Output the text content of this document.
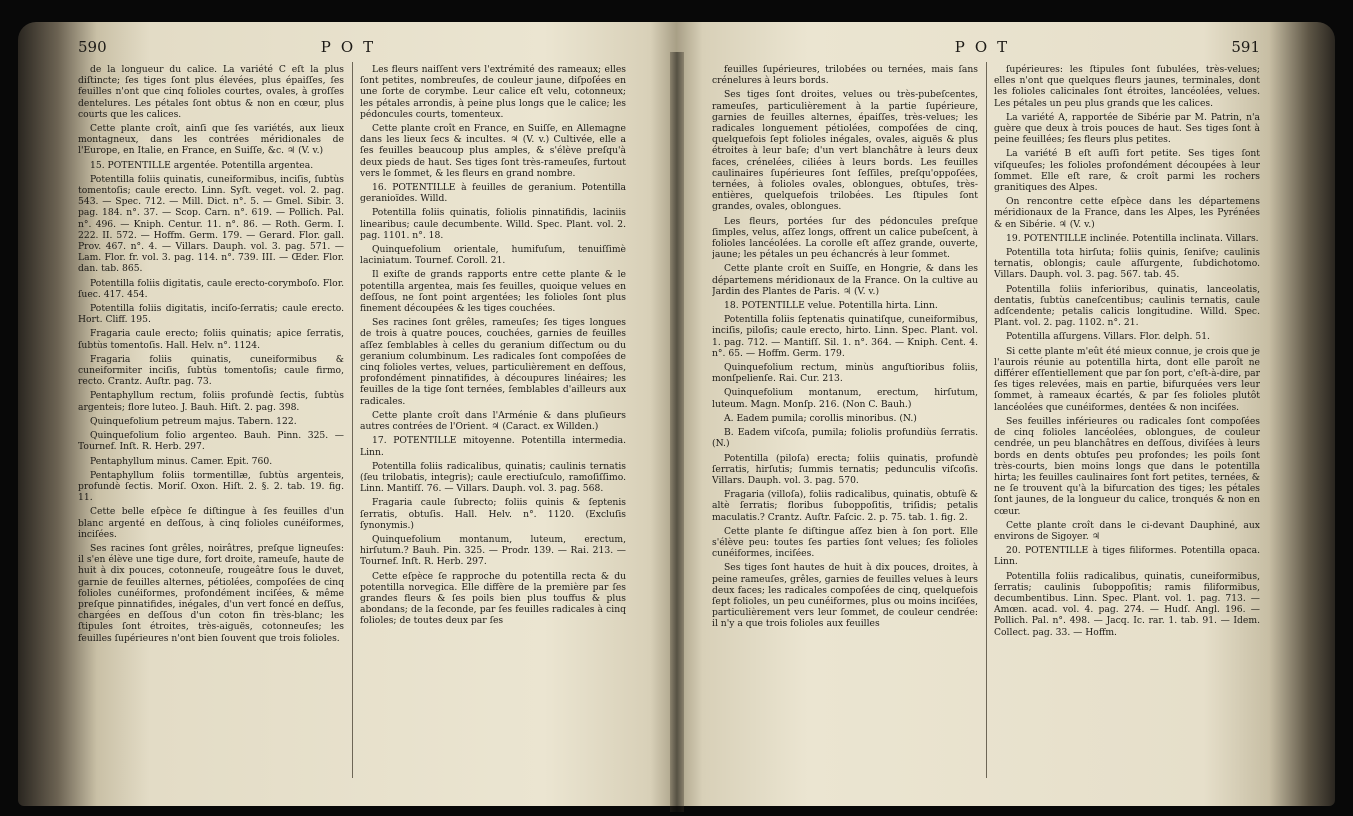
590	POT

de la longueur du calice. La variété C eſt la plus diſtincte; ſes tiges ſont plus élevées, plus épaiſſes, ſes feuilles n'ont que cinq folioles courtes, ovales, à groſſes dentelures. Les pétales ſont obtus & non en cœur, plus courts que les calices.

Cette plante croît, ainſi que ſes variétés, aux lieux montagneux, dans les contrées méridionales de l'Europe, en Italie, en France, en Suiſſe, &c. ♃ (V. v.)

15. POTENTILLE argentée. Potentilla argentea.

Potentilla foliis quinatis, cuneiformibus, inciſis, ſubtùs tomentoſis; caule erecto. Linn. Syſt. veget. vol. 2. pag. 543. — Spec. 712. — Mill. Dict. n°. 5. — Gmel. Sibir. 3. pag. 184. n°. 37. — Scop. Carn. n°. 619. — Pollich. Pal. n°. 496. — Kniph. Centur. 11. n°. 86. — Roth. Germ. I. 222. II. 572. — Hoffm. Germ. 179. — Gerard. Flor. gall. Prov. 467. n°. 4. — Villars. Dauph. vol. 3. pag. 571. — Lam. Flor. fr. vol. 3. pag. 114. n°. 739. III. — Œder. Flor. dan. tab. 865.

Potentilla foliis digitatis, caule erecto-corymboſo. Flor. ſuec. 417. 454.

Potentilla foliis digitatis, inciſo-ſerratis; caule erecto. Hort. Cliff. 195.

Fragaria caule erecto; foliis quinatis; apice ſerratis, ſubtùs tomentoſis. Hall. Helv. n°. 1124.

Fragaria foliis quinatis, cuneiformibus & cuneiformiter inciſis, ſubtùs tomentoſis; caule firmo, recto. Crantz. Auſtr. pag. 73.

Pentaphyllum rectum, foliis profundè ſectis, ſubtùs argenteis; flore luteo. J. Bauh. Hiſt. 2. pag. 398.

Quinquefolium petreum majus. Tabern. 122.

Quinquefolium folio argenteo. Bauh. Pinn. 325. — Tournef. Inſt. R. Herb. 297.

Pentaphyllum minus. Camer. Epit. 760.

Pentaphyllum foliis tormentillæ, ſubtùs argenteis, profundè ſectis. Moriſ. Oxon. Hiſt. 2. §. 2. tab. 19. fig. 11.

Cette belle eſpèce ſe diſtingue à ſes feuilles d'un blanc argenté en deſſous, à cinq folioles cunéiformes, inciſées.

Ses racines ſont grêles, noirâtres, preſque ligneuſes: il s'en élève une tige dure, fort droite, rameuſe, haute de huit à dix pouces, cotonneuſe, rougeâtre ſous le duvet, garnie de feuilles alternes, pétiolées, compoſées de cinq folioles cunéiformes, profondément inciſées, & même preſque pinnatifides, inégales, d'un vert foncé en deſſus, chargées en deſſous d'un coton fin très-blanc; les ſtipules ſont étroites, très-aiguës, cotonneuſes; les feuilles ſupérieures n'ont bien ſouvent que trois folioles.

Les fleurs naiſſent vers l'extrémité des rameaux; elles ſont petites, nombreuſes, de couleur jaune, diſpoſées en une ſorte de corymbe. Leur calice eſt velu, cotonneux; les pétales arrondis, à peine plus longs que le calice; les pédoncules courts, tomenteux.

Cette plante croît en France, en Suiſſe, en Allemagne dans les lieux ſecs & incultes. ♃ (V. v.) Cultivée, elle a ſes feuilles beaucoup plus amples, & s'élève preſqu'à deux pieds de haut. Ses tiges ſont très-rameuſes, furtout vers le ſommet, & les fleurs en grand nombre.

16. POTENTILLE à feuilles de geranium. Potentilla geranioïdes. Willd.

Potentilla foliis quinatis, foliolis pinnatifidis, laciniis linearibus; caule decumbente. Willd. Spec. Plant. vol. 2. pag. 1101. n°. 18.

Quinquefolium orientale, humifuſum, tenuiſſimè laciniatum. Tournef. Coroll. 21.

Il exiſte de grands rapports entre cette plante & le potentilla argentea, mais ſes feuilles, quoique velues en deſſous, ne ſont point argentées; les folioles ſont plus finement découpées & les tiges couchées.

Ses racines ſont grêles, rameuſes; ſes tiges longues de trois à quatre pouces, couchées, garnies de feuilles aſſez ſemblables à celles du geranium diſſectum ou du geranium columbinum. Les radicales ſont compoſées de cinq folioles vertes, velues, particulièrement en deſſous, profondément pinnatifides, à découpures linéaires; les feuilles de la tige ſont ternées, ſemblables d'ailleurs aux radicales.

Cette plante croît dans l'Arménie & dans pluſieurs autres contrées de l'Orient. ♃ (Caract. ex Willden.)

17. POTENTILLE mitoyenne. Potentilla intermedia. Linn.

Potentilla foliis radicalibus, quinatis; caulinis ternatis (ſeu trilobatis, integris); caule erectiuſculo, ramoſiſſimo. Linn. Mantiſſ. 76. — Villars. Dauph. vol. 3. pag. 568.

Fragaria caule ſubrecto; foliis quinis & ſeptenis ſerratis, obtuſis. Hall. Helv. n°. 1120. (Excluſis ſynonymis.)

Quinquefolium montanum, luteum, erectum, hirſutum.? Bauh. Pin. 325. — Prodr. 139. — Rai. 213. — Tournef. Inſt. R. Herb. 297.

Cette eſpèce ſe rapproche du potentilla recta & du potentilla norvegica. Elle diffère de la première par ſes grandes fleurs & ſes poils bien plus touffus & plus abondans; de la ſeconde, par ſes feuilles radicales à cinq folioles; de toutes deux par ſes

POT	591

feuilles ſupérieures, trilobées ou ternées, mais ſans crénelures à leurs bords.

Ses tiges ſont droites, velues ou très-pubeſcentes, rameuſes, particulièrement à la partie ſupérieure, garnies de feuilles alternes, épaiſſes, très-velues; les radicales longuement pétiolées, compoſées de cinq, quelquefois ſept folioles inégales, ovales, aiguës & plus étroites à leur baſe; d'un vert blanchâtre à leurs deux faces, crénelées, ciliées à leurs bords. Les feuilles caulinaires ſupérieures ſont ſeſſiles, preſqu'oppoſées, ternées, à folioles ovales, oblongues, obtuſes, très-entières, quelquefois trilobées. Les ſtipules ſont grandes, ovales, oblongues.

Les fleurs, portées ſur des pédoncules preſque ſimples, velus, aſſez longs, offrent un calice pubeſcent, à folioles lancéolées. La corolle eſt aſſez grande, ouverte, jaune; les pétales un peu échancrés à leur ſommet.

Cette plante croît en Suiſſe, en Hongrie, & dans les départemens méridionaux de la France. On la cultive au Jardin des Plantes de Paris. ♃ (V. v.)

18. POTENTILLE velue. Potentilla hirta. Linn.

Potentilla foliis ſeptenatis quinatiſque, cuneiformibus, inciſis, piloſis; caule erecto, hirto. Linn. Spec. Plant. vol. 1. pag. 712. — Mantiſſ. Sil. 1. n°. 364. — Kniph. Cent. 4. n°. 65. — Hoffm. Germ. 179.

Quinquefolium rectum, minùs anguſtioribus foliis, monſpelienſe. Rai. Cur. 213.

Quinquefolium montanum, erectum, hirſutum, luteum. Magn. Monſp. 216. (Non C. Bauh.)

A. Eadem pumila; corollis minoribus. (N.)

B. Eadem viſcoſa, pumila; foliolis profundiùs ſerratis. (N.)

Potentilla (piloſa) erecta; foliis quinatis, profundè ſerratis, hirſutis; ſummis ternatis; pedunculis viſcoſis. Villars. Dauph. vol. 3. pag. 570.

Fragaria (villoſa), foliis radicalibus, quinatis, obtuſè & altè ſerratis; floribus ſuboppoſitis, triſidis; petalis maculatis.? Crantz. Auſtr. Faſcic. 2. p. 75. tab. 1. fig. 2.

Cette plante ſe diſtingue aſſez bien à ſon port. Elle s'élève peu: toutes ſes parties ſont velues; ſes folioles cunéiformes, inciſées.

Ses tiges ſont hautes de huit à dix pouces, droites, à peine rameuſes, grêles, garnies de feuilles velues à leurs deux faces; les radicales compoſées de cinq, quelquefois ſept folioles, un peu cunéiformes, plus ou moins inciſées, particulièrement vers leur ſommet, de couleur cendrée: il n'y a que trois folioles aux feuilles

ſupérieures: les ſtipules ſont ſubulées, très-velues; elles n'ont que quelques fleurs jaunes, terminales, dont les folioles calicinales ſont étroites, lancéolées, velues. Les pétales un peu plus grands que les calices.

La variété A, rapportée de Sibérie par M. Patrin, n'a guère que deux à trois pouces de haut. Ses tiges ſont à peine feuillées; ſes fleurs plus petites.

La variété B eſt auſſi fort petite. Ses tiges ſont viſqueuſes; les folioles profondément découpées à leur ſommet. Elle eſt rare, & croît parmi les rochers granitiques des Alpes.

On rencontre cette eſpèce dans les départemens méridionaux de la France, dans les Alpes, les Pyrénées & en Sibérie. ♃ (V. v.)

19. POTENTILLE inclinée. Potentilla inclinata. Villars.

Potentilla tota hirſuta; foliis quinis, ſeniſve; caulinis ternatis, oblongis; caule aſſurgente, ſubdichotomo. Villars. Dauph. vol. 3. pag. 567. tab. 45.

Potentilla foliis inferioribus, quinatis, lanceolatis, dentatis, ſubtùs caneſcentibus; caulinis ternatis, caule adſcendente; petalis calicis longitudine. Willd. Spec. Plant. vol. 2. pag. 1102. n°. 21.

Potentilla aſſurgens. Villars. Flor. delph. 51.

Si cette plante m'eût été mieux connue, je crois que je l'aurois réunie au potentilla hirta, dont elle paroît ne différer eſſentiellement que par ſon port, c'eſt-à-dire, par ſes tiges relevées, mais en partie, bifurquées vers leur ſommet, à rameaux écartés, & par ſes folioles plutôt lancéolées que cunéiformes, dentées & non inciſées.

Ses feuilles inférieures ou radicales ſont compoſées de cinq folioles lancéolées, oblongues, de couleur cendrée, un peu blanchâtres en deſſous, diviſées à leurs bords en dents obtuſes peu profondes; les poils ſont très-courts, bien moins longs que dans le potentilla hirta; les feuilles caulinaires ſont fort petites, ternées, & ne ſe trouvent qu'à la bifurcation des tiges; les pétales ſont jaunes, de la longueur du calice, tronqués & non en cœur.

Cette plante croît dans le ci-devant Dauphiné, aux environs de Sigoyer. ♃

20. POTENTILLE à tiges filiformes. Potentilla opaca. Linn.

Potentilla foliis radicalibus, quinatis, cuneiformibus, ſerratis; caulinis ſuboppoſitis; ramis filiformibus, decumbentibus. Linn. Spec. Plant. vol. 1. pag. 713. — Amœn. acad. vol. 4. pag. 274. — Hudſ. Angl. 196. — Pollich. Pal. n°. 498. — Jacq. Ic. rar. 1. tab. 91. — Idem. Collect. pag. 33. — Hoffm.
